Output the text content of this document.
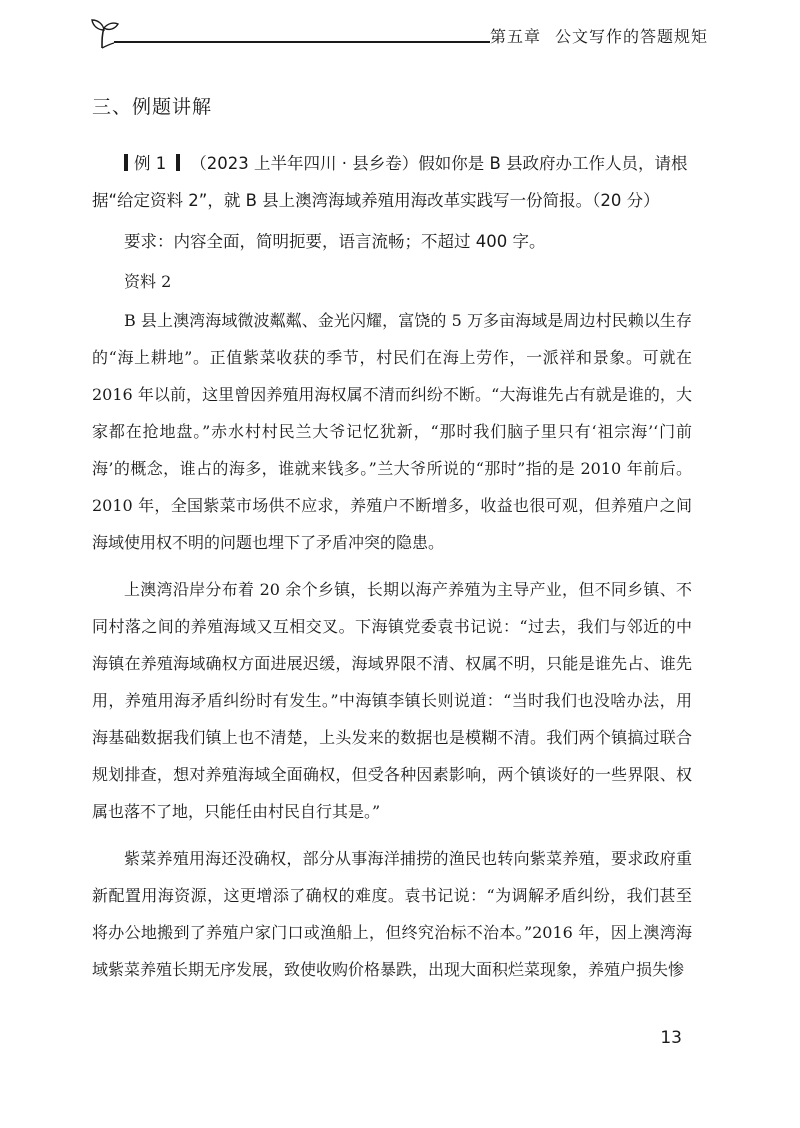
第五章 公文写作的答题规矩
三、例题讲解

例 1 （2023 上半年四川 · 县乡卷）假如你是 B 县政府办工作人员，请根据“给定资料 2”，就 B 县上澳湾海域养殖用海改革实践写一份简报。（20 分）

要求：内容全面，简明扼要，语言流畅；不超过 400 字。

资料 2

B 县上澳湾海域微波粼粼、金光闪耀，富饶的 5 万多亩海域是周边村民赖以生存的“海上耕地”。正值紫菜收获的季节，村民们在海上劳作，一派祥和景象。可就在 2016 年以前，这里曾因养殖用海权属不清而纠纷不断。“大海谁先占有就是谁的，大家都在抢地盘。”赤水村村民兰大爷记忆犹新，“那时我们脑子里只有‘祖宗海’‘门前海’的概念，谁占的海多，谁就来钱多。”兰大爷所说的“那时”指的是 2010 年前后。2010 年，全国紫菜市场供不应求，养殖户不断增多，收益也很可观，但养殖户之间海域使用权不明的问题也埋下了矛盾冲突的隐患。

上澳湾沿岸分布着 20 余个乡镇，长期以海产养殖为主导产业，但不同乡镇、不同村落之间的养殖海域又互相交叉。下海镇党委袁书记说：“过去，我们与邻近的中海镇在养殖海域确权方面进展迟缓，海域界限不清、权属不明，只能是谁先占、谁先用，养殖用海矛盾纠纷时有发生。”中海镇李镇长则说道：“当时我们也没啥办法，用海基础数据我们镇上也不清楚，上头发来的数据也是模糊不清。我们两个镇搞过联合规划排查，想对养殖海域全面确权，但受各种因素影响，两个镇谈好的一些界限、权属也落不了地，只能任由村民自行其是。”

紫菜养殖用海还没确权，部分从事海洋捕捞的渔民也转向紫菜养殖，要求政府重新配置用海资源，这更增添了确权的难度。袁书记说：“为调解矛盾纠纷，我们甚至将办公地搬到了养殖户家门口或渔船上，但终究治标不治本。”2016 年，因上澳湾海域紫菜养殖长期无序发展，致使收购价格暴跌，出现大面积烂菜现象，养殖户损失惨

13
